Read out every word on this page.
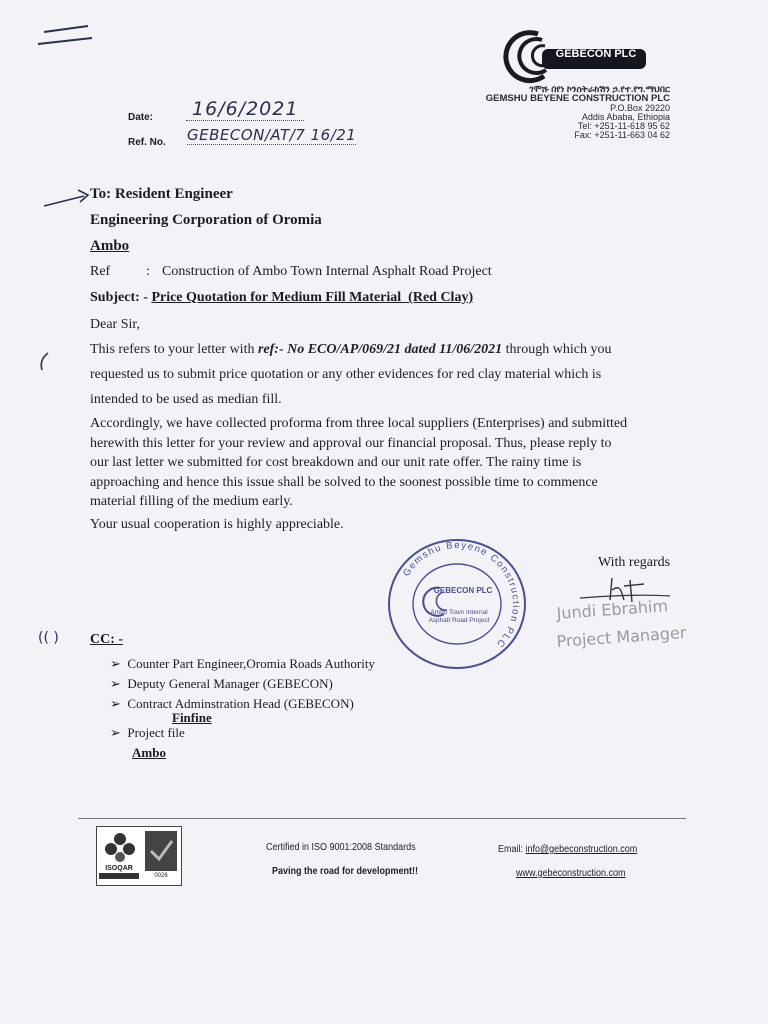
GEBECON PLC
ገሞሹ በየነ ኮንስትራክሽን ኃ.የተ.የግ.ማህበር
GEMSHU BEYENE CONSTRUCTION PLC
P.O.Box 29220
Addis Ababa, Ethiopia
Tel: +251-11-618 95 62
Fax: +251-11-663 04 62
Date:	16/6/2021
Ref. No. GEBECON/AT/7 16/21
To: Resident Engineer
Engineering Corporation of Oromia
Ambo
Ref	: Construction of Ambo Town Internal Asphalt Road Project
Subject: - Price Quotation for Medium Fill Material  (Red Clay)
Dear Sir,
This refers to your letter with ref:- No ECO/AP/069/21 dated 11/06/2021 through which you
requested us to submit price quotation or any other evidences for red clay material which is
intended to be used as median fill.
Accordingly, we have collected proforma from three local suppliers (Enterprises) and submitted
herewith this letter for your review and approval our financial proposal. Thus, please reply to
our last letter we submitted for cost breakdown and our unit rate offer. The rainy time is
approaching and hence this issue shall be solved to the soonest possible time to commence
material filling of the medium early.
Your usual cooperation is highly appreciable.
Gemshu Beyene Construction PLC
GEBECON PLC
Ambo Town Internal
Asphalt Road Project
With regards
Jundi Ebrahim
Project Manager
(( ) CC: -
➢  Counter Part Engineer,Oromia Roads Authority
➢  Deputy General Manager (GEBECON)
➢  Contract Adminstration Head (GEBECON)
Finfine
➢  Project file
Ambo
ISOQAR
0026
Certified in ISO 9001:2008 Standards
Paving the road for development!!
Email: info@gebeconstruction.com
www.gebeconstruction.com
